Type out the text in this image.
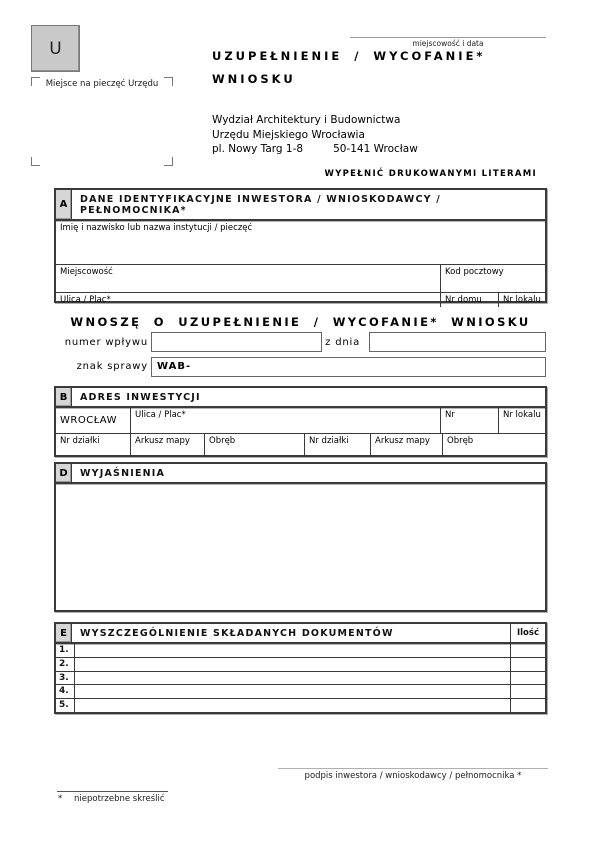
U
Miejsce na pieczęć Urzędu
miejscowość i data
UZUPEŁNIENIE / WYCOFANIE*
WNIOSKU
Wydział Architektury i Budownictwa
Urzędu Miejskiego Wrocławia
pl. Nowy Targ 1-8	50-141 Wrocław
WYPEŁNIĆ DRUKOWANYMI LITERAMI
A	DANE IDENTYFIKACYJNE INWESTORA / WNIOSKODAWCY / PEŁNOMOCNIKA*
Imię i nazwisko lub nazwa instytucji / pieczęć
Miejscowość	Kod pocztowy
Ulica / Plac*	Nr domu	Nr lokalu
WNOSZĘ O UZUPEŁNIENIE / WYCOFANIE* WNIOSKU
numer wpływu	z dnia
znak sprawy WAB-
B	ADRES INWESTYCJI
WROCŁAW	Ulica / Plac*	Nr	Nr lokalu
Nr działki	Arkusz mapy	Obręb	Nr działki	Arkusz mapy	Obręb
D	WYJAŚNIENIA
E	WYSZCZEGÓLNIENIE SKŁADANYCH DOKUMENTÓW	Ilość
1.
2.
3.
4.
5.
podpis inwestora / wnioskodawcy / pełnomocnika *
* niepotrzebne skreślić
